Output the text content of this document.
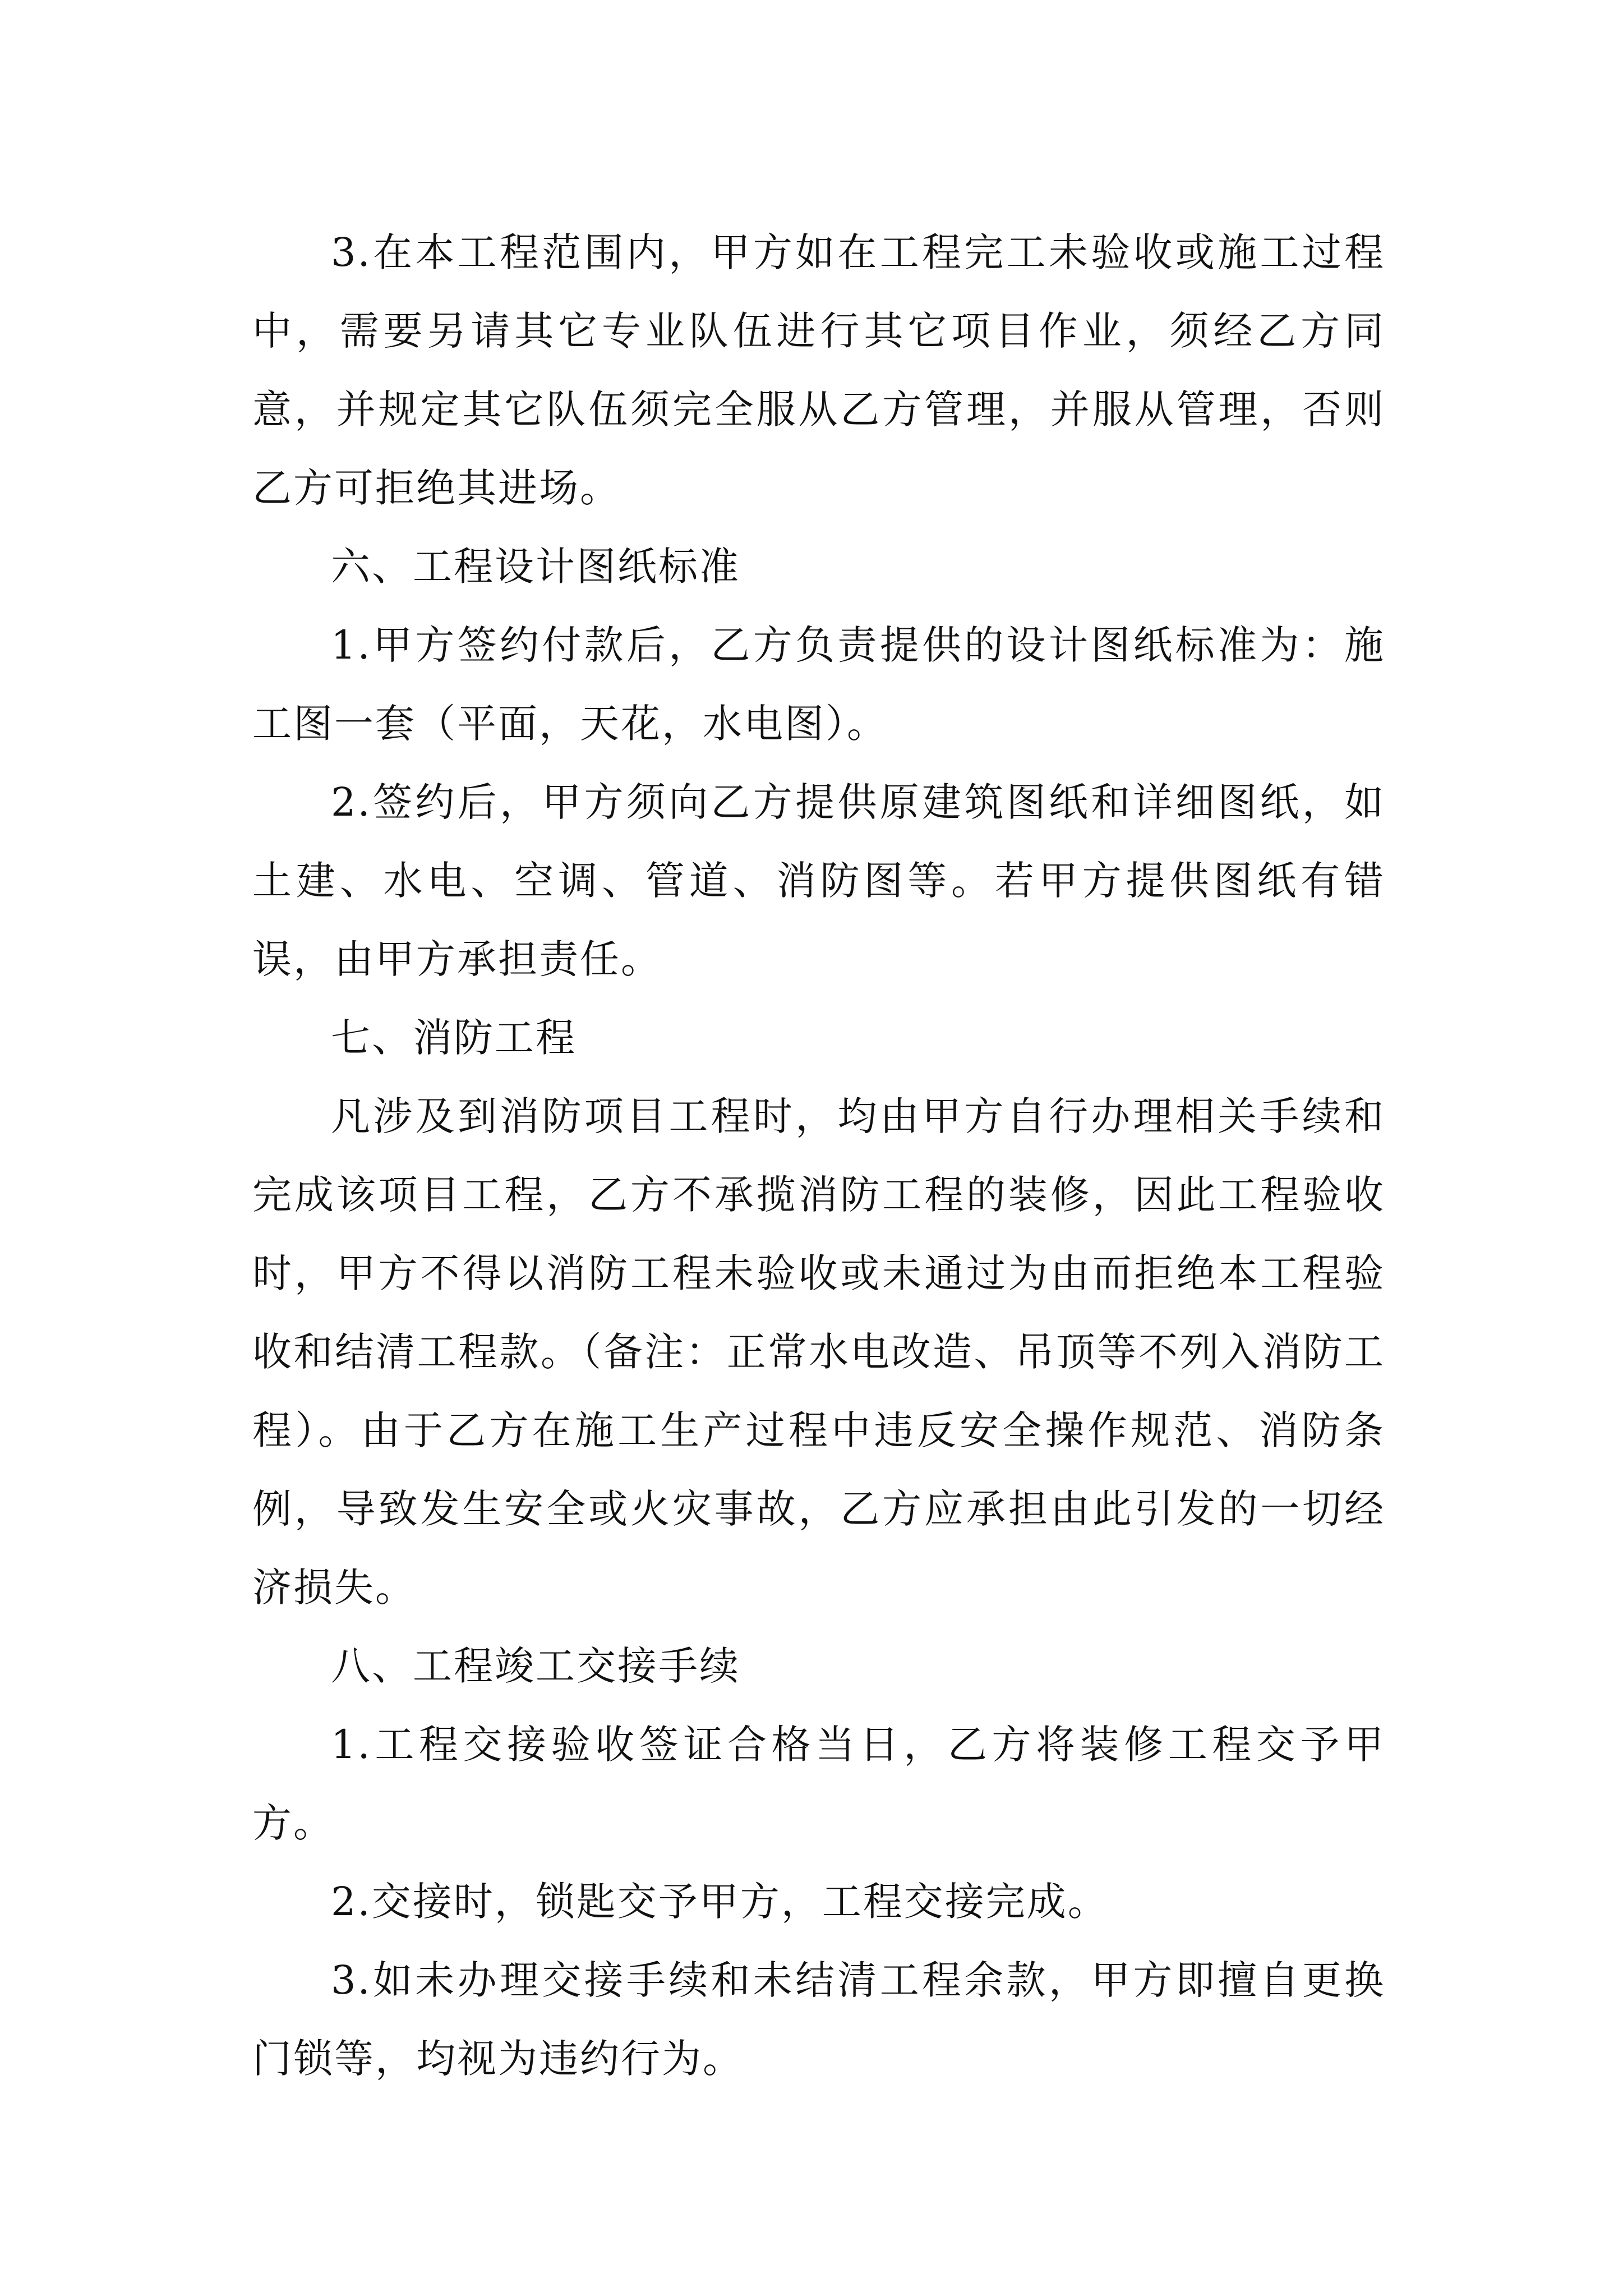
3.在本工程范围内，甲方如在工程完工未验收或施工过程中，需要另请其它专业队伍进行其它项目作业，须经乙方同意，并规定其它队伍须完全服从乙方管理，并服从管理，否则乙方可拒绝其进场。

六、工程设计图纸标准

1.甲方签约付款后，乙方负责提供的设计图纸标准为：施工图一套（平面，天花，水电图）。

2.签约后，甲方须向乙方提供原建筑图纸和详细图纸，如土建、水电、空调、管道、消防图等。若甲方提供图纸有错误，由甲方承担责任。

七、消防工程

凡涉及到消防项目工程时，均由甲方自行办理相关手续和完成该项目工程，乙方不承揽消防工程的装修，因此工程验收时，甲方不得以消防工程未验收或未通过为由而拒绝本工程验收和结清工程款。（备注：正常水电改造、吊顶等不列入消防工程）。由于乙方在施工生产过程中违反安全操作规范、消防条例，导致发生安全或火灾事故，乙方应承担由此引发的一切经济损失。

八、工程竣工交接手续

1.工程交接验收签证合格当日，乙方将装修工程交予甲方。

2.交接时，锁匙交予甲方，工程交接完成。

3.如未办理交接手续和未结清工程余款，甲方即擅自更换门锁等，均视为违约行为。
